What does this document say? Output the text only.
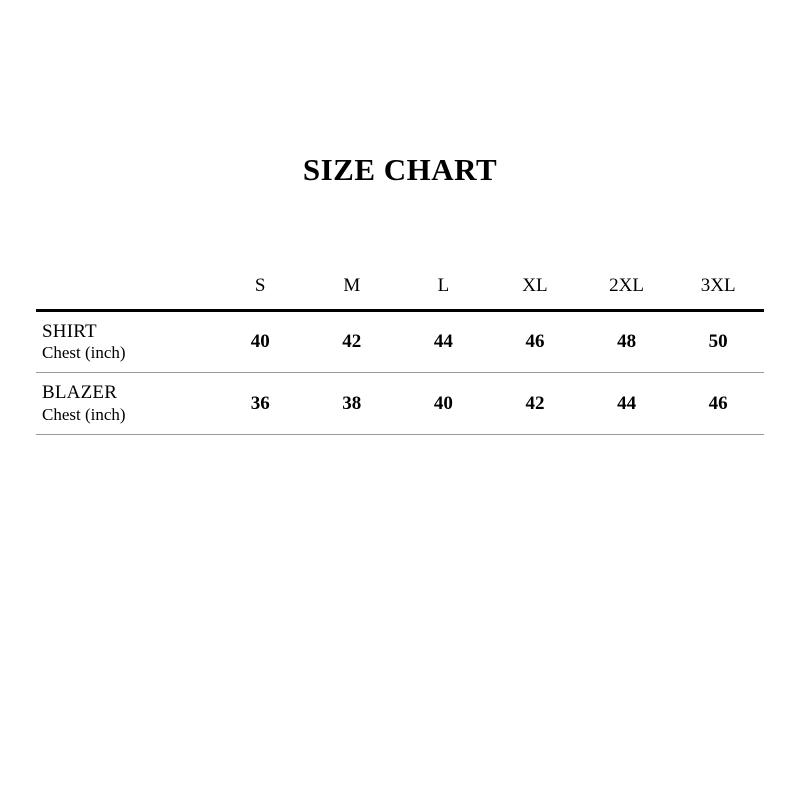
SIZE CHART
	S	M	L	XL	2XL	3XL

SHIRT
Chest (inch)	40	42	44	46	48	50

BLAZER
Chest (inch)	36	38	40	42	44	46
